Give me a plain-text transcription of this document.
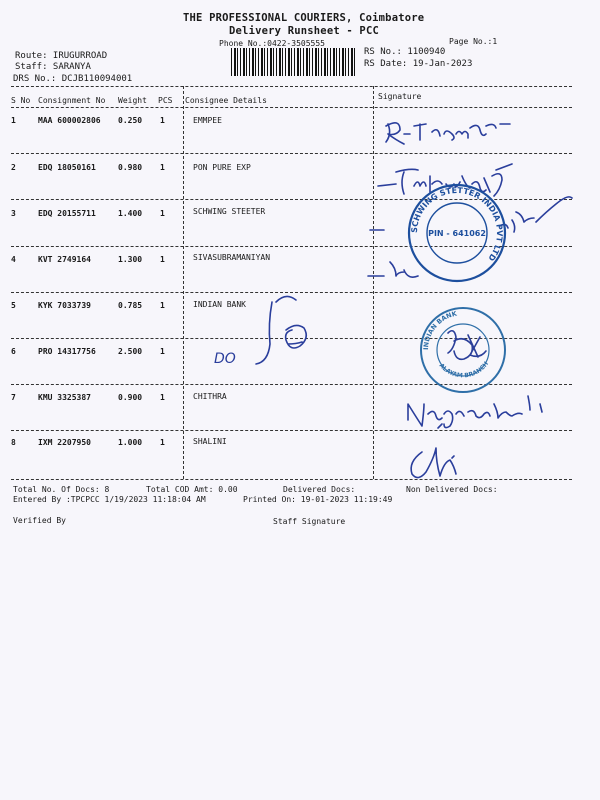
THE PROFESSIONAL COURIERS, Coimbatore
Delivery Runsheet - PCC
Phone No.:0422-3505555	Page No.:1
Route: IRUGURROAD
Staff: SARANYA
DRS No.: DCJB110094001
RS No.: 1100940
RS Date: 19-Jan-2023
S No Consignment No Weight PCS Consignee Details	Signature
1	MAA 600002806 0.250 1	EMMPEE
2	EDQ 18050161	0.980 1	PON PURE EXP
3	EDQ 20155711	1.400 1	SCHWING STEETER
4	KVT 2749164	1.300 1	SIVASUBRAMANIYAN
5	KYK 7033739	0.785 1	INDIAN BANK
6	PRO 14317756	2.500 1
7	KMU 3325387	0.900 1	CHITHRA
8	IXM 2207950	1.000 1	SHALINI
Total No. Of Docs: 8	Total COD Amt: 0.00	Delivered Docs:	Non Delivered Docs:
Entered By :TPCPCC 1/19/2023 11:18:04 AM	Printed On: 19-01-2023 11:19:49
Verified By	Staff Signature
DO
SCHWING STETTER INDIA PVT LTD
PIN - 641062
INDIAN BANK
ALAYAM BRANCH
